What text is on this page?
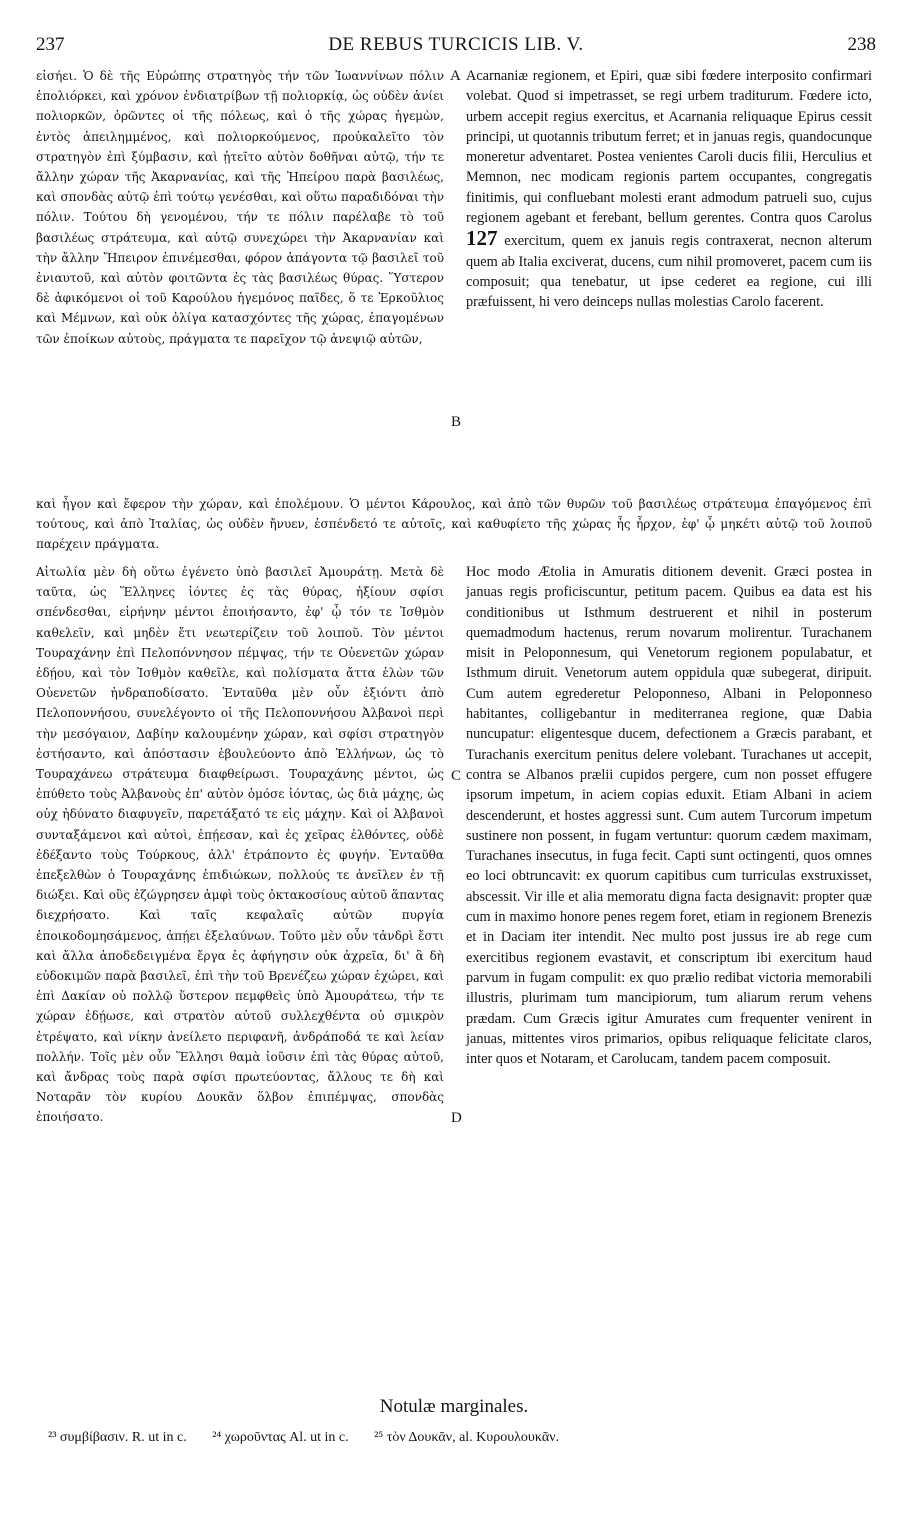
237	DE REBUS TURCICIS LIB. V.	238
εἰσήει. Ὁ δὲ τῆς Εὐρώπης στρατηγὸς τήν τῶν Ἰωαννίνων πόλιν ἐπολιόρκει, καὶ χρόνον ἐνδιατρίβων τῇ πολιορκίᾳ, ὡς οὐδὲν ἀνίει πολιορκῶν, ὁρῶντες οἱ τῆς πόλεως, καὶ ὁ τῆς χώρας ἡγεμὼν, ἐντὸς ἀπειλημμένος, καὶ πολιορκούμενος, προὐκαλεῖτο τὸν στρατηγὸν ἐπὶ ξύμβασιν, καὶ ᾐτεῖτο αὐτὸν δοθῆναι αὐτῷ, τήν τε ἄλλην χώραν τῆς Ἀκαρνανίας, καὶ τῆς Ἠπείρου παρὰ βασιλέως, καὶ σπονδὰς αὐτῷ ἐπὶ τούτῳ γενέσθαι, καὶ οὕτω παραδιδόναι τὴν πόλιν. Τούτου δὴ γενομένου, τήν τε πόλιν παρέλαβε τὸ τοῦ βασιλέως στράτευμα, καὶ αὐτῷ συνεχώρει τὴν Ἀκαρνανίαν καὶ τὴν ἄλλην Ἤπειρον ἐπινέμεσθαι, φόρον ἀπάγοντα τῷ βασιλεῖ τοῦ ἐνιαυτοῦ, καὶ αὐτὸν φοιτῶντα ἐς τὰς βασιλέως θύρας. Ὕστερον δὲ ἀφικόμενοι οἱ τοῦ Καρούλου ἡγεμόνος παῖδες, ὅ τε Ἐρκοῦλιος καὶ Μέμνων, καὶ οὐκ ὀλίγα κατασχόντες τῆς χώρας, ἐπαγομένων τῶν ἐποίκων αὐτοὺς, πράγματα τε παρεῖχον τῷ ἀνεψιῷ αὐτῶν,
Acarnaniæ regionem, et Epiri, quæ sibi fœdere interposito confirmari volebat. Quod si impetrasset, se regi urbem traditurum. Fœdere icto, urbem accepit regius exercitus, et Acarnania reliquaque Epirus cessit principi, ut quotannis tributum ferret; et in januas regis, quandocunque moneretur adventaret. Postea venientes Caroli ducis filii, Herculius et Memnon, nec modicam regionis partem occupantes, congregatis finitimis, qui confluebant molesti erant admodum patrueli suo, cujus regionem agebant et ferebant, bellum gerentes. Contra quos Carolus 127 exercitum, quem ex januis regis contraxerat, necnon alterum quem ab Italia exciverat, ducens, cum nihil promoveret, pacem cum iis composuit; qua tenebatur, ut ipse cederet ea regione, cui illi præfuissent, hi vero deinceps nullas molestias Carolo facerent.
καὶ ἦγον καὶ ἔφερον τὴν χώραν, καὶ ἐπολέμουν. Ὁ μέντοι Κάρουλος, καὶ ἀπὸ τῶν θυρῶν τοῦ βασιλέως στράτευμα ἐπαγόμενος ἐπὶ τούτους, καὶ ἀπὸ Ἰταλίας, ὡς οὐδὲν ἤνυεν, ἐσπένδετό τε αὐτοῖς, καὶ καθυφίετο τῆς χώρας ἧς ἦρχον, ἐφ' ᾧ μηκέτι αὐτῷ τοῦ λοιποῦ παρέχειν πράγματα.
Αἰτωλία μὲν δὴ οὕτω ἐγένετο ὑπὸ βασιλεῖ Ἀμουράτῃ. Μετὰ δὲ ταῦτα, ὡς Ἕλληνες ἰόντες ἐς τὰς θύρας, ἠξίουν σφίσι σπένδεσθαι, εἰρήνην μέντοι ἐποιήσαντο, ἐφ' ᾧ τόν τε Ἰσθμὸν καθελεῖν, καὶ μηδὲν ἔτι νεωτερίζειν τοῦ λοιποῦ. Τὸν μέντοι Τουραχάνην ἐπὶ Πελοπόννησον πέμψας, τήν τε Οὐενετῶν χώραν ἐδῄου, καὶ τὸν Ἰσθμὸν καθεῖλε, καὶ πολίσματα ἄττα ἑλὼν τῶν Οὐενετῶν ἠνδραποδίσατο. Ἐνταῦθα μὲν οὖν ἐξιόντι ἀπὸ Πελοποννήσου, συνελέγοντο οἱ τῆς Πελοποννήσου Ἀλβανοὶ περὶ τὴν μεσόγαιον, Δαβίην καλουμένην χώραν, καὶ σφίσι στρατηγὸν ἐστήσαντο, καὶ ἀπόστασιν ἐβουλεύοντο ἀπὸ Ἑλλήνων, ὡς τὸ Τουραχάνεω στράτευμα διαφθείρωσι. Τουραχάνης μέντοι, ὡς ἐπύθετο τοὺς Ἀλβανοὺς ἐπ' αὐτὸν ὁμόσε ἰόντας, ὡς διὰ μάχης, ὡς οὐχ ἠδύνατο διαφυγεῖν, παρετάξατό τε εἰς μάχην. Καὶ οἱ Ἀλβανοὶ συνταξάμενοι καὶ αὐτοὶ, ἐπῄεσαν, καὶ ἐς χεῖρας ἐλθόντες, οὐδὲ ἐδέξαντο τοὺς Τούρκους, ἀλλ' ἐτράποντο ἐς φυγήν. Ἐνταῦθα ἐπεξελθὼν ὁ Τουραχάνης ἐπιδιώκων, πολλούς τε ἀνεῖλεν ἐν τῇ διώξει. Καὶ οὓς ἐζώγρησεν ἀμφὶ τοὺς ὀκτακοσίους αὐτοῦ ἅπαντας διεχρήσατο. Καὶ ταῖς κεφαλαῖς αὐτῶν πυργία ἐποικοδομησάμενος, ἀπῄει ἐξελαύνων. Τοῦτο μὲν οὖν τἀνδρὶ ἔστι καὶ ἄλλα ἀποδεδειγμένα ἔργα ἐς ἀφήγησιν οὐκ ἀχρεῖα, δι' ἃ δὴ εὐδοκιμῶν παρὰ βασιλεῖ, ἐπὶ τὴν τοῦ Βρενέζεω χώραν ἐχώρει, καὶ ἐπὶ Δακίαν οὐ πολλῷ ὕστερον πεμφθεὶς ὑπὸ Ἀμουράτεω, τήν τε χώραν ἐδῄωσε, καὶ στρατὸν αὐτοῦ συλλεχθέντα οὐ σμικρὸν ἐτρέψατο, καὶ νίκην ἀνείλετο περιφανῆ, ἀνδράποδά τε καὶ λείαν πολλήν. Τοῖς μὲν οὖν Ἕλλησι θαμὰ ἰοῦσιν ἐπὶ τὰς θύρας αὐτοῦ, καὶ ἄνδρας τοὺς παρὰ σφίσι πρωτεύοντας, ἄλλους τε δὴ καὶ Νοταρᾶν τὸν κυρίου Δουκᾶν ὅλβον ἐπιπέμψας, σπονδὰς ἐποιήσατο.
Hoc modo Ætolia in Amuratis ditionem devenit. Græci postea in januas regis proficiscuntur, petitum pacem. Quibus ea data est his conditionibus ut Isthmum destruerent et nihil in posterum quemadmodum hactenus, rerum novarum molirentur. Turachanem misit in Peloponnesum, qui Venetorum regionem populabatur, et Isthmum diruit. Venetorum autem oppidula quæ subegerat, diripuit. Cum autem egrederetur Peloponneso, Albani in Peloponneso habitantes, colligebantur in mediterranea regione, quæ Dabia nuncupatur: eligentesque ducem, defectionem a Græcis parabant, et Turachanis exercitum penitus delere volebant. Turachanes ut accepit, contra se Albanos prælii cupidos pergere, cum non posset effugere ipsorum impetum, in aciem copias eduxit. Etiam Albani in aciem descenderunt, et hostes aggressi sunt. Cum autem Turcorum impetum sustinere non possent, in fugam vertuntur: quorum cædem maximam, Turachanes insecutus, in fuga fecit. Capti sunt octingenti, quos omnes eo loci obtruncavit: ex quorum capitibus cum turriculas exstruxisset, abscessit. Vir ille et alia memoratu digna facta designavit: propter quæ cum in maximo honore penes regem foret, etiam in regionem Brenezis et in Daciam iter intendit. Nec multo post jussus ire ab rege cum exercitibus regionem evastavit, et conscriptum ibi exercitum haud parvum in fugam compulit: ex quo prælio redibat victoria memorabili illustris, plurimam tum mancipiorum, tum aliarum rerum vehens prædam. Cum Græcis igitur Amurates cum frequenter venirent in januas, mittentes viros primarios, opibus reliquaque felicitate claros, inter quos et Notaram, et Carolucam, tandem pacem composuit.
A
B
C
D
Notulæ marginales.
²³ συμβίβασιν. R. ut in c. ²⁴ χωροῦντας Al. ut in c. ²⁵ τὸν Δουκᾶν, al. Κυρουλουκᾶν.
